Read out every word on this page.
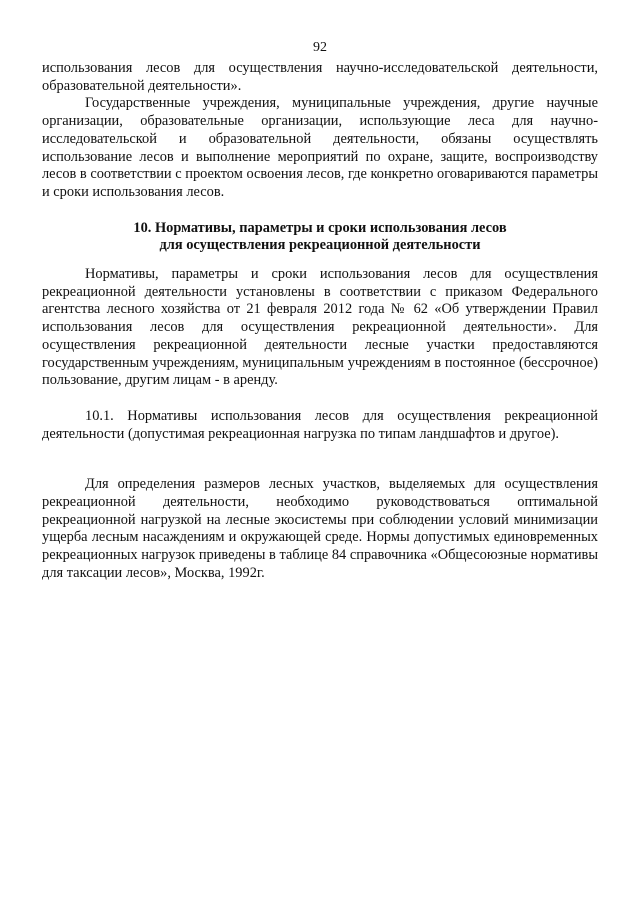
92

использования лесов для осуществления научно-исследовательской деятельности, образовательной деятельности».

Государственные учреждения, муниципальные учреждения, другие научные организации, образовательные организации, использующие леса для научно-исследовательской и образовательной деятельности, обязаны осуществлять использование лесов и выполнение мероприятий по охране, защите, воспроизводству лесов в соответствии с проектом освоения лесов, где конкретно оговариваются параметры и сроки использования лесов.

10. Нормативы, параметры и сроки использования лесов
для осуществления рекреационной деятельности

Нормативы, параметры и сроки использования лесов для осуществления рекреационной деятельности установлены в соответствии с приказом Федерального агентства лесного хозяйства от 21 февраля 2012 года № 62 «Об утверждении Правил использования лесов для осуществления рекреационной деятельности». Для осуществления рекреационной деятельности лесные участки предоставляются государственным учреждениям, муниципальным учреждениям в постоянное (бессрочное) пользование, другим лицам - в аренду.

10.1. Нормативы использования лесов для осуществления рекреационной деятельности (допустимая рекреационная нагрузка по типам ландшафтов и другое).

Для определения размеров лесных участков, выделяемых для осуществления рекреационной деятельности, необходимо руководствоваться оптимальной рекреационной нагрузкой на лесные экосистемы при соблюдении условий минимизации ущерба лесным насаждениям и окружающей среде. Нормы допустимых единовременных рекреационных нагрузок приведены в таблице 84 справочника «Общесоюзные нормативы для таксации лесов», Москва, 1992г.
